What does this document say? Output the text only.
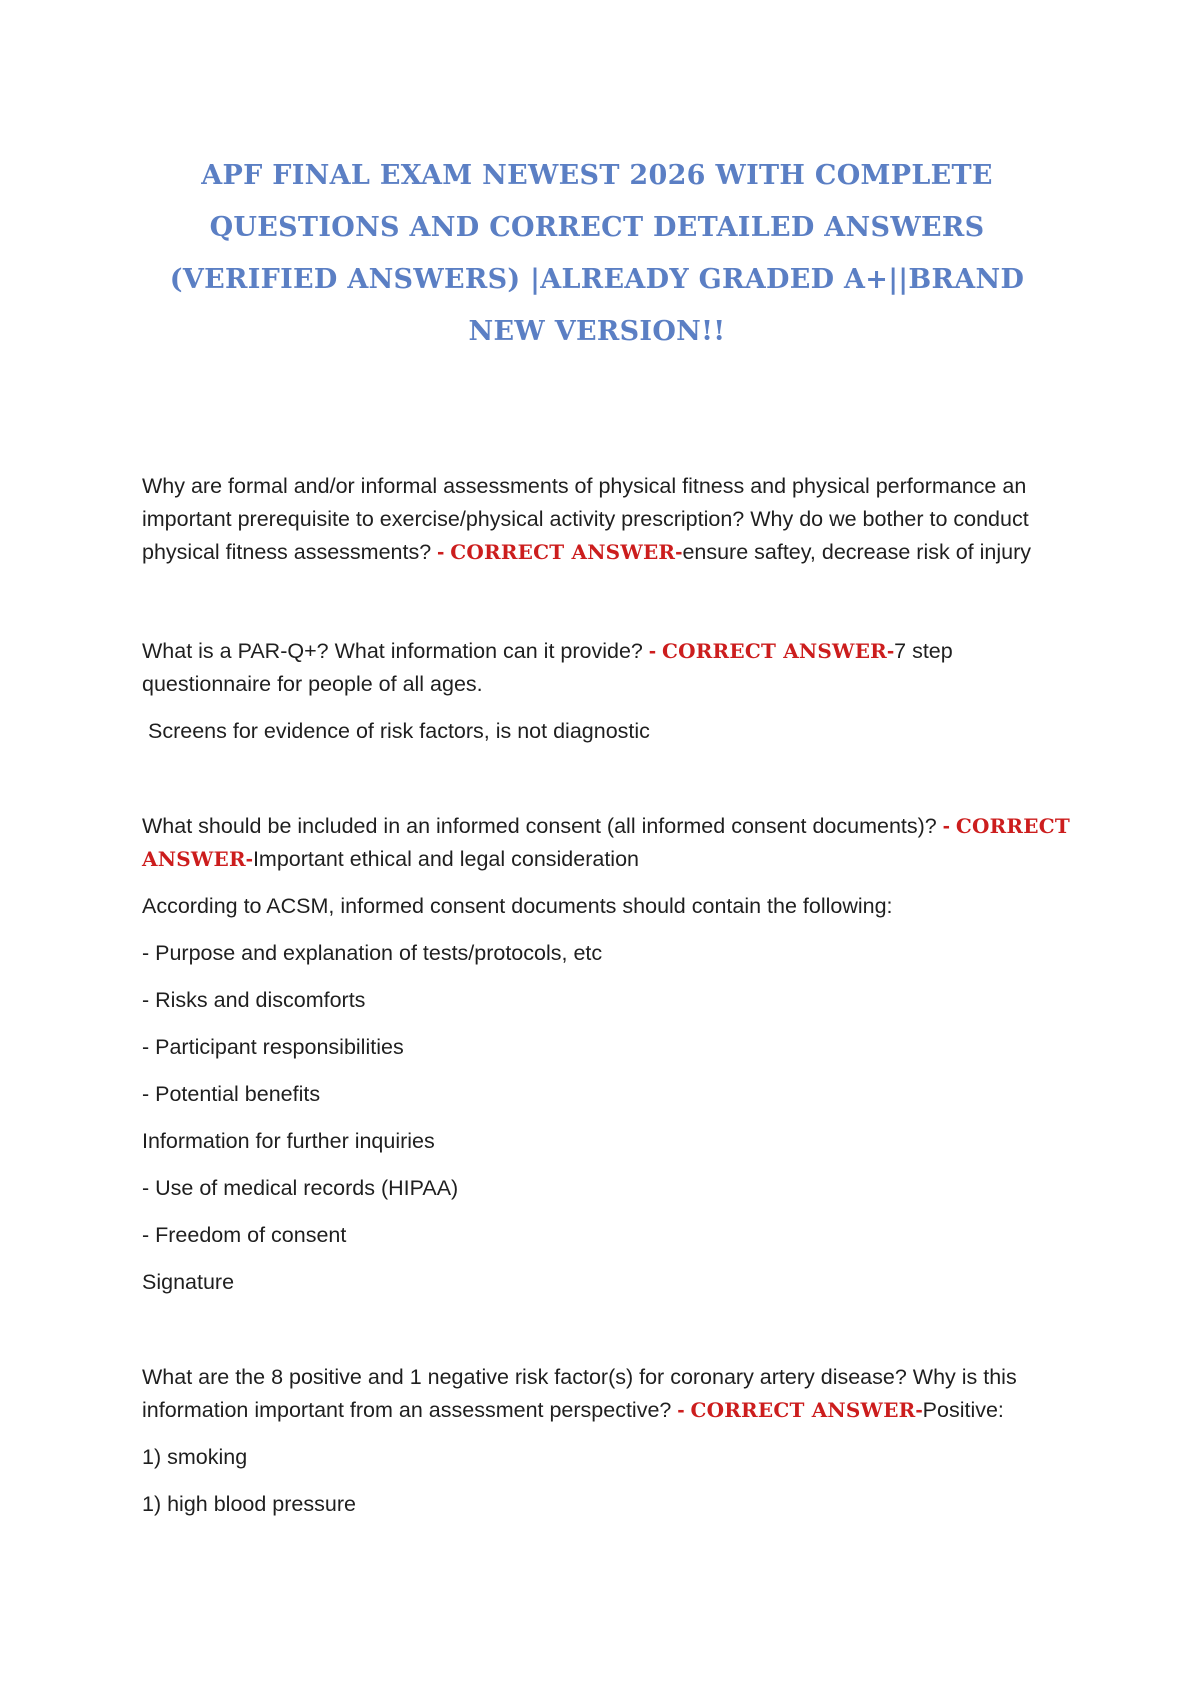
APF FINAL EXAM NEWEST 2026 WITH COMPLETE QUESTIONS AND CORRECT DETAILED ANSWERS (VERIFIED ANSWERS) |ALREADY GRADED A+||BRAND NEW VERSION!!

Why are formal and/or informal assessments of physical fitness and physical performance an important prerequisite to exercise/physical activity prescription? Why do we bother to conduct physical fitness assessments? - CORRECT ANSWER-ensure saftey, decrease risk of injury

What is a PAR-Q+? What information can it provide? - CORRECT ANSWER-7 step questionnaire for people of all ages.

Screens for evidence of risk factors, is not diagnostic

What should be included in an informed consent (all informed consent documents)? - CORRECT ANSWER-Important ethical and legal consideration

According to ACSM, informed consent documents should contain the following:

- Purpose and explanation of tests/protocols, etc

- Risks and discomforts

- Participant responsibilities

- Potential benefits

Information for further inquiries

- Use of medical records (HIPAA)

- Freedom of consent

Signature

What are the 8 positive and 1 negative risk factor(s) for coronary artery disease? Why is this information important from an assessment perspective? - CORRECT ANSWER-Positive:

1) smoking

1) high blood pressure
